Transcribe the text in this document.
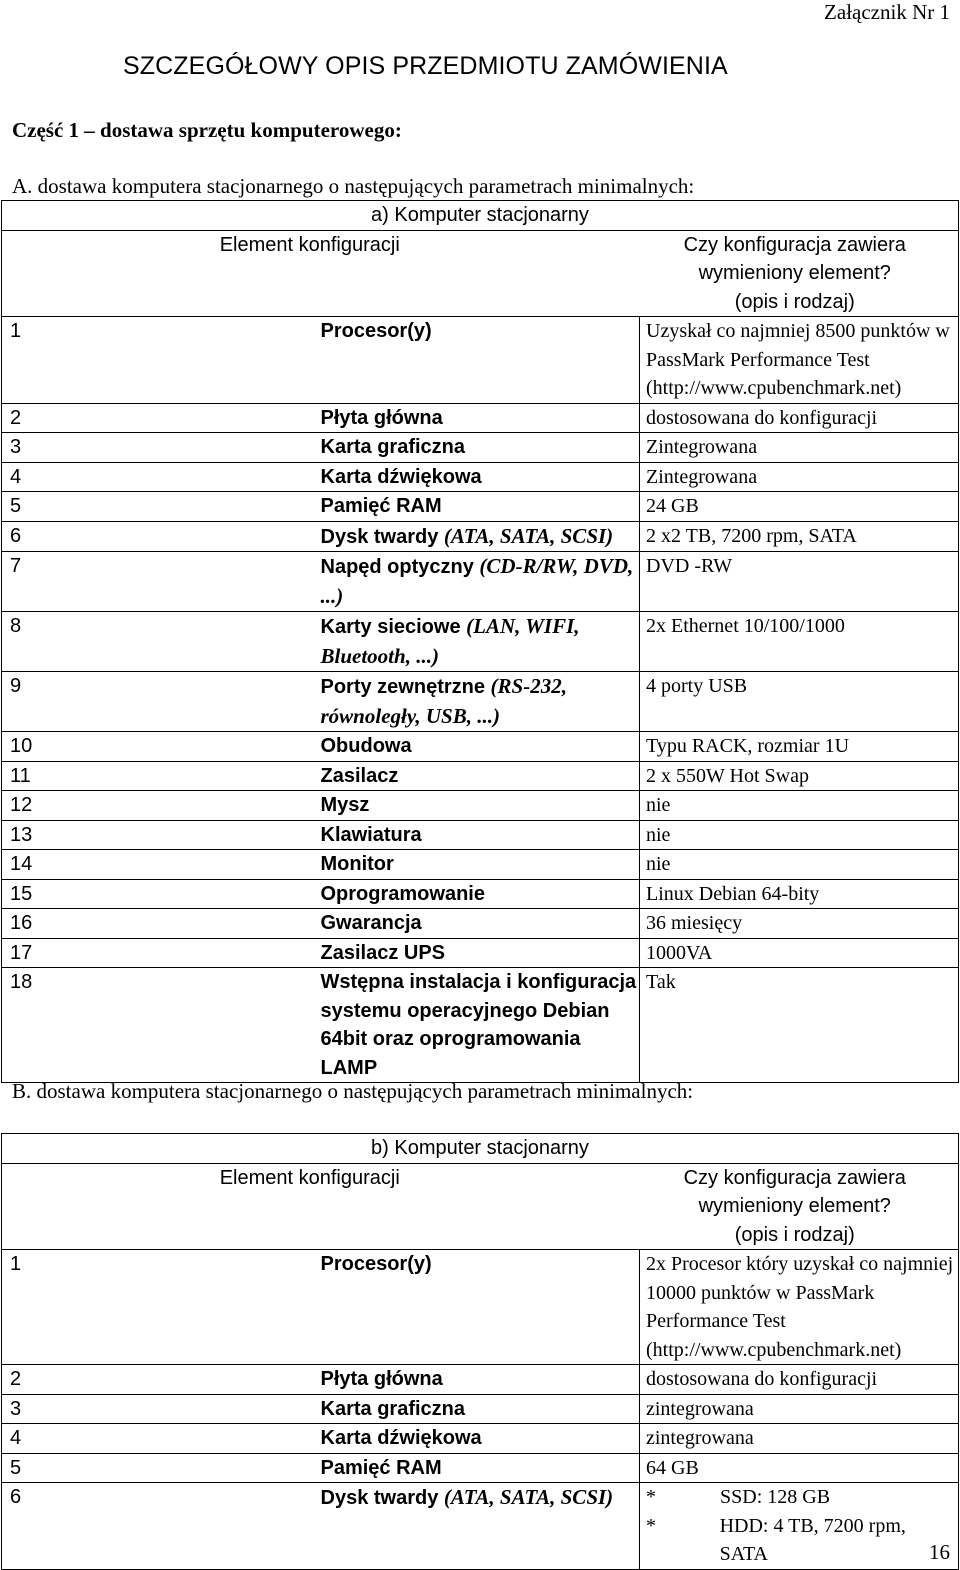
Załącznik Nr 1
SZCZEGÓŁOWY OPIS PRZEDMIOTU ZAMÓWIENIA
Część 1 – dostawa sprzętu komputerowego:
A. dostawa komputera stacjonarnego o następujących parametrach minimalnych:
a) Komputer stacjonarny		
Element konfiguracji		Czy konfiguracja zawiera wymieniony element?
(opis i rodzaj)

1	Procesor(y)	Uzyskał co najmniej 8500 punktów w PassMark Performance Test (http://www.cpubenchmark.net)
2	Płyta główna	dostosowana do konfiguracji
3	Karta graficzna	Zintegrowana
4	Karta dźwiękowa	Zintegrowana
5	Pamięć RAM	24 GB
6	Dysk twardy (ATA, SATA, SCSI)	2 x2 TB, 7200 rpm, SATA
7	Napęd optyczny (CD-R/RW, DVD, ...)	DVD -RW
8	Karty sieciowe (LAN, WIFI, Bluetooth, ...)	2x Ethernet 10/100/1000
9	Porty zewnętrzne (RS-232, równoległy, USB, ...)	4 porty USB
10	Obudowa	Typu RACK, rozmiar 1U
11	Zasilacz	2 x 550W Hot Swap
12	Mysz	nie
13	Klawiatura	nie
14	Monitor	nie
15	Oprogramowanie	Linux Debian 64-bity
16	Gwarancja	36 miesięcy
17	Zasilacz UPS	1000VA
18	Wstępna instalacja i konfiguracja systemu operacyjnego Debian 64bit oraz oprogramowania LAMP	Tak
B. dostawa komputera stacjonarnego o następujących parametrach minimalnych:
b) Komputer stacjonarny		
Element konfiguracji		Czy konfiguracja zawiera wymieniony element?
(opis i rodzaj)

1	Procesor(y)	2x Procesor który uzyskał co najmniej 10000 punktów w PassMark Performance Test (http://www.cpubenchmark.net)
2	Płyta główna	dostosowana do konfiguracji
3	Karta graficzna	zintegrowana
4	Karta dźwiękowa	zintegrowana
5	Pamięć RAM	64 GB
6	Dysk twardy (ATA, SATA, SCSI)	* SSD: 128 GB
* HDD: 4 TB, 7200 rpm, SATA	16
